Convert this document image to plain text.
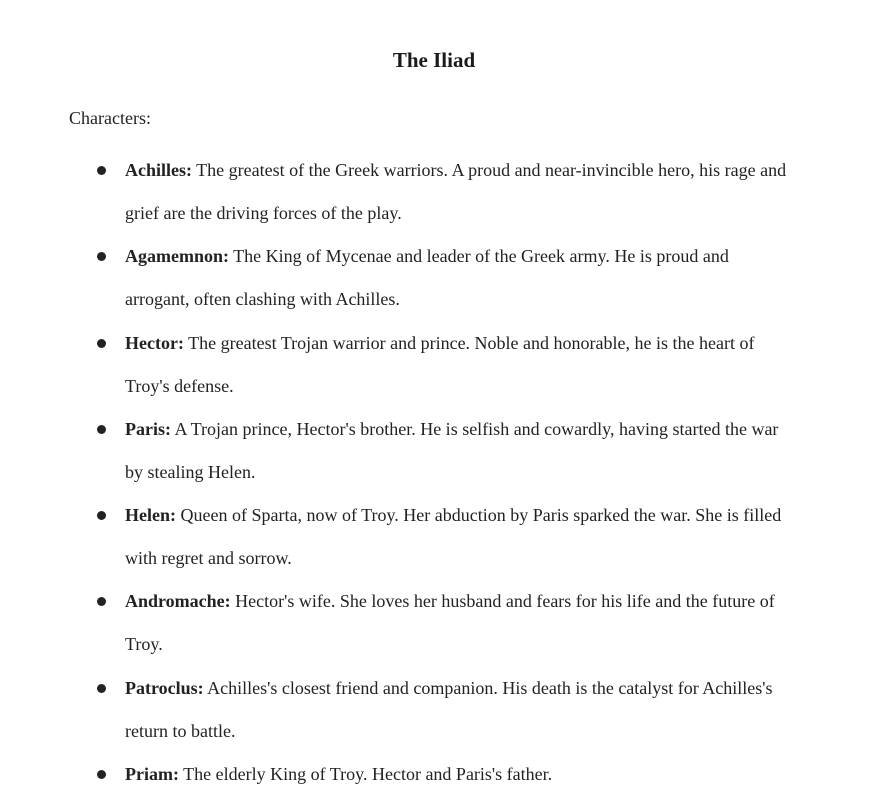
The Iliad

Characters:

Achilles: The greatest of the Greek warriors. A proud and near-invincible hero, his rage and grief are the driving forces of the play.
Agamemnon: The King of Mycenae and leader of the Greek army. He is proud and arrogant, often clashing with Achilles.
Hector: The greatest Trojan warrior and prince. Noble and honorable, he is the heart of Troy's defense.
Paris: A Trojan prince, Hector's brother. He is selfish and cowardly, having started the war by stealing Helen.
Helen: Queen of Sparta, now of Troy. Her abduction by Paris sparked the war. She is filled with regret and sorrow.
Andromache: Hector's wife. She loves her husband and fears for his life and the future of Troy.
Patroclus: Achilles's closest friend and companion. His death is the catalyst for Achilles's return to battle.
Priam: The elderly King of Troy. Hector and Paris's father.
